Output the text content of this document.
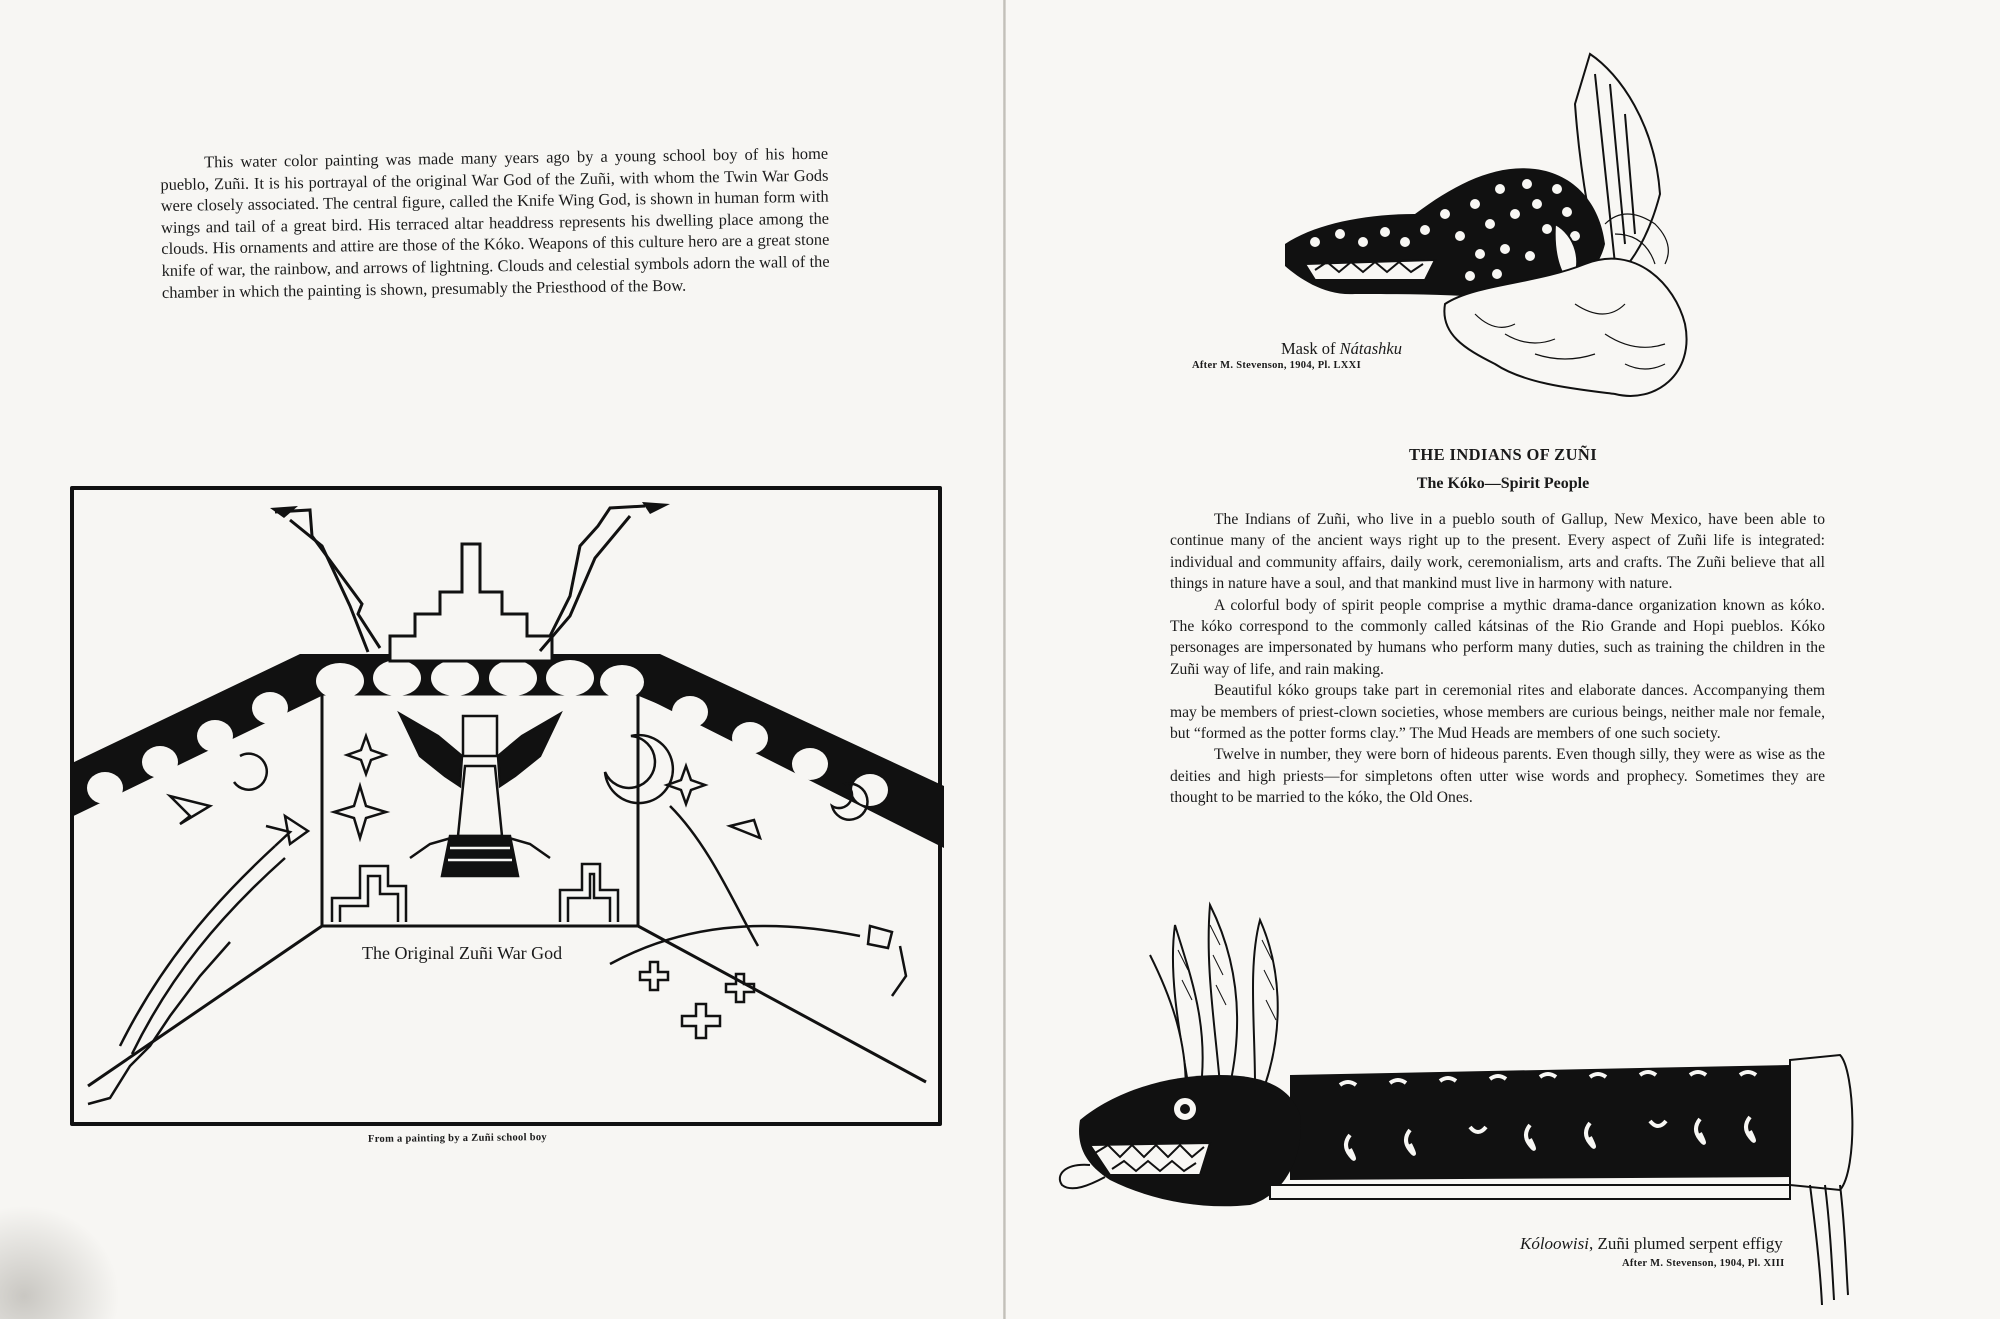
This water color painting was made many years ago by a young school boy of his home pueblo, Zuñi. It is his portrayal of the original War God of the Zuñi, with whom the Twin War Gods were closely associated. The central figure, called the Knife Wing God, is shown in human form with wings and tail of a great bird. His terraced altar headdress represents his dwelling place among the clouds. His ornaments and attire are those of the Kóko. Weapons of this culture hero are a great stone knife of war, the rainbow, and arrows of lightning. Clouds and celestial symbols adorn the wall of the chamber in which the painting is shown, presumably the Priesthood of the Bow.

The Original Zuñi War God
From a painting by a Zuñi school boy
Mask of Nátashku
After M. Stevenson, 1904, Pl. LXXI
THE INDIANS OF ZUÑI
The Kóko—Spirit People

The Indians of Zuñi, who live in a pueblo south of Gallup, New Mexico, have been able to continue many of the ancient ways right up to the present. Every aspect of Zuñi life is integrated: individual and community affairs, daily work, ceremonialism, arts and crafts. The Zuñi believe that all things in nature have a soul, and that mankind must live in harmony with nature.

A colorful body of spirit people comprise a mythic drama-dance organization known as kóko. The kóko correspond to the commonly called kátsinas of the Rio Grande and Hopi pueblos. Kóko personages are impersonated by humans who perform many duties, such as training the children in the Zuñi way of life, and rain making.

Beautiful kóko groups take part in ceremonial rites and elaborate dances. Accompanying them may be members of priest-clown societies, whose members are curious beings, neither male nor female, but “formed as the potter forms clay.” The Mud Heads are members of one such society.

Twelve in number, they were born of hideous parents. Even though silly, they were as wise as the deities and high priests—for simpletons often utter wise words and prophecy. Sometimes they are thought to be married to the kóko, the Old Ones.

Kóloowisi, Zuñi plumed serpent effigy
After M. Stevenson, 1904, Pl. XIII
